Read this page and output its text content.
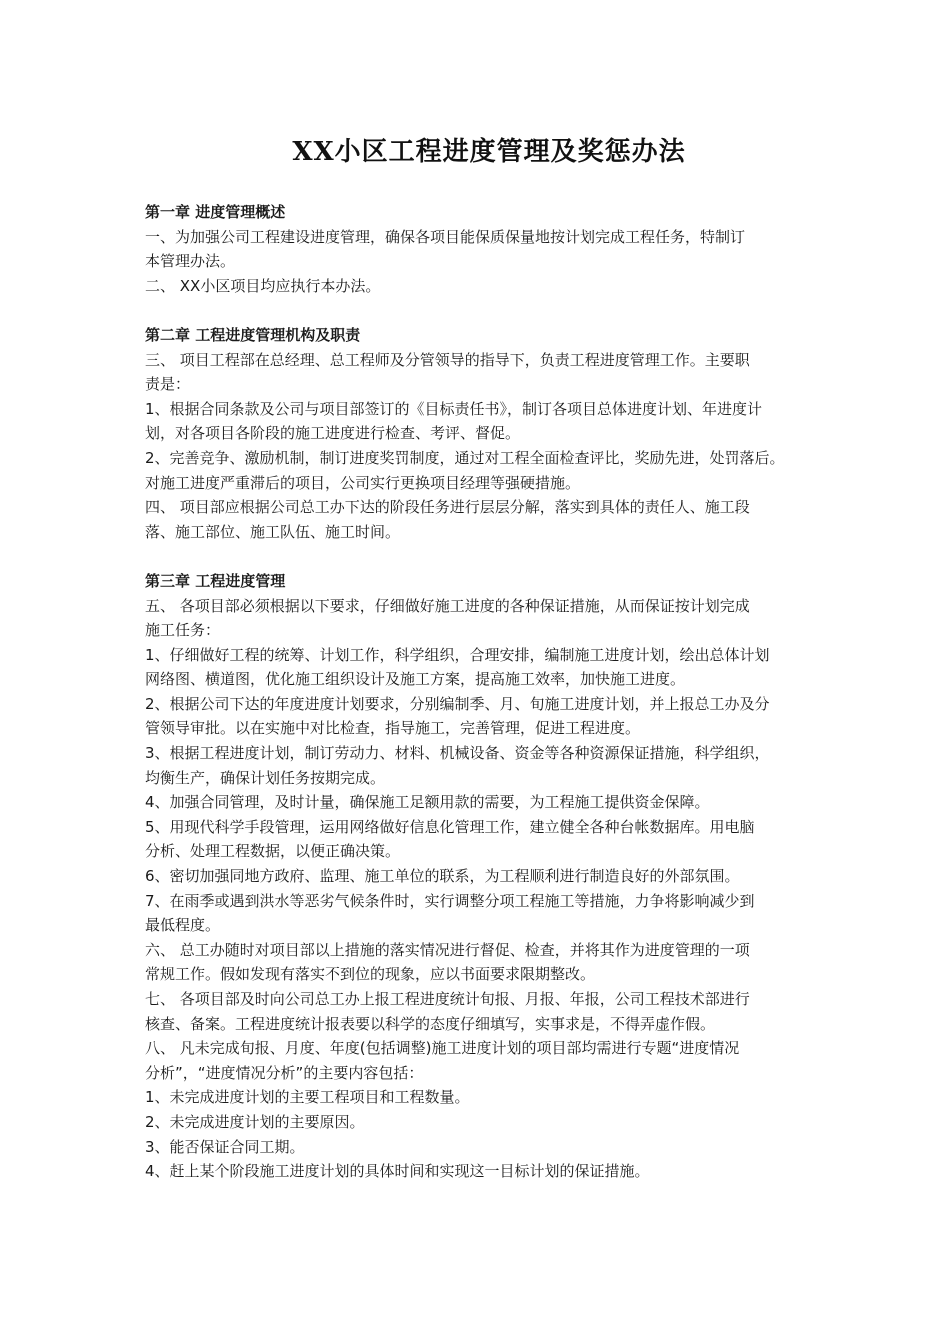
XX小区工程进度管理及奖惩办法
第一章 进度管理概述
一、为加强公司工程建设进度管理，确保各项目能保质保量地按计划完成工程任务，特制订
本管理办法。
二、 XX小区项目均应执行本办法。
第二章 工程进度管理机构及职责
三、 项目工程部在总经理、总工程师及分管领导的指导下，负责工程进度管理工作。主要职
责是：
1、根据合同条款及公司与项目部签订的《目标责任书》，制订各项目总体进度计划、年进度计
划，对各项目各阶段的施工进度进行检查、考评、督促。
2、完善竞争、激励机制，制订进度奖罚制度，通过对工程全面检查评比，奖励先进，处罚落后。
对施工进度严重滞后的项目，公司实行更换项目经理等强硬措施。
四、 项目部应根据公司总工办下达的阶段任务进行层层分解，落实到具体的责任人、施工段
落、施工部位、施工队伍、施工时间。
第三章 工程进度管理
五、 各项目部必须根据以下要求，仔细做好施工进度的各种保证措施，从而保证按计划完成
施工任务：
1、仔细做好工程的统筹、计划工作，科学组织，合理安排，编制施工进度计划，绘出总体计划
网络图、横道图，优化施工组织设计及施工方案，提高施工效率，加快施工进度。
2、根据公司下达的年度进度计划要求，分别编制季、月、旬施工进度计划，并上报总工办及分
管领导审批。以在实施中对比检查，指导施工，完善管理，促进工程进度。
3、根据工程进度计划，制订劳动力、材料、机械设备、资金等各种资源保证措施，科学组织，
均衡生产，确保计划任务按期完成。
4、加强合同管理，及时计量，确保施工足额用款的需要，为工程施工提供资金保障。
5、用现代科学手段管理，运用网络做好信息化管理工作，建立健全各种台帐数据库。用电脑
分析、处理工程数据，以便正确决策。
6、密切加强同地方政府、监理、施工单位的联系，为工程顺利进行制造良好的外部氛围。
7、在雨季或遇到洪水等恶劣气候条件时，实行调整分项工程施工等措施，力争将影响减少到
最低程度。
六、 总工办随时对项目部以上措施的落实情况进行督促、检查，并将其作为进度管理的一项
常规工作。假如发现有落实不到位的现象，应以书面要求限期整改。
七、 各项目部及时向公司总工办上报工程进度统计旬报、月报、年报，公司工程技术部进行
核查、备案。工程进度统计报表要以科学的态度仔细填写，实事求是，不得弄虚作假。
八、 凡未完成旬报、月度、年度(包括调整)施工进度计划的项目部均需进行专题“进度情况
分析”，“进度情况分析”的主要内容包括：
1、未完成进度计划的主要工程项目和工程数量。
2、未完成进度计划的主要原因。
3、能否保证合同工期。
4、赶上某个阶段施工进度计划的具体时间和实现这一目标计划的保证措施。
